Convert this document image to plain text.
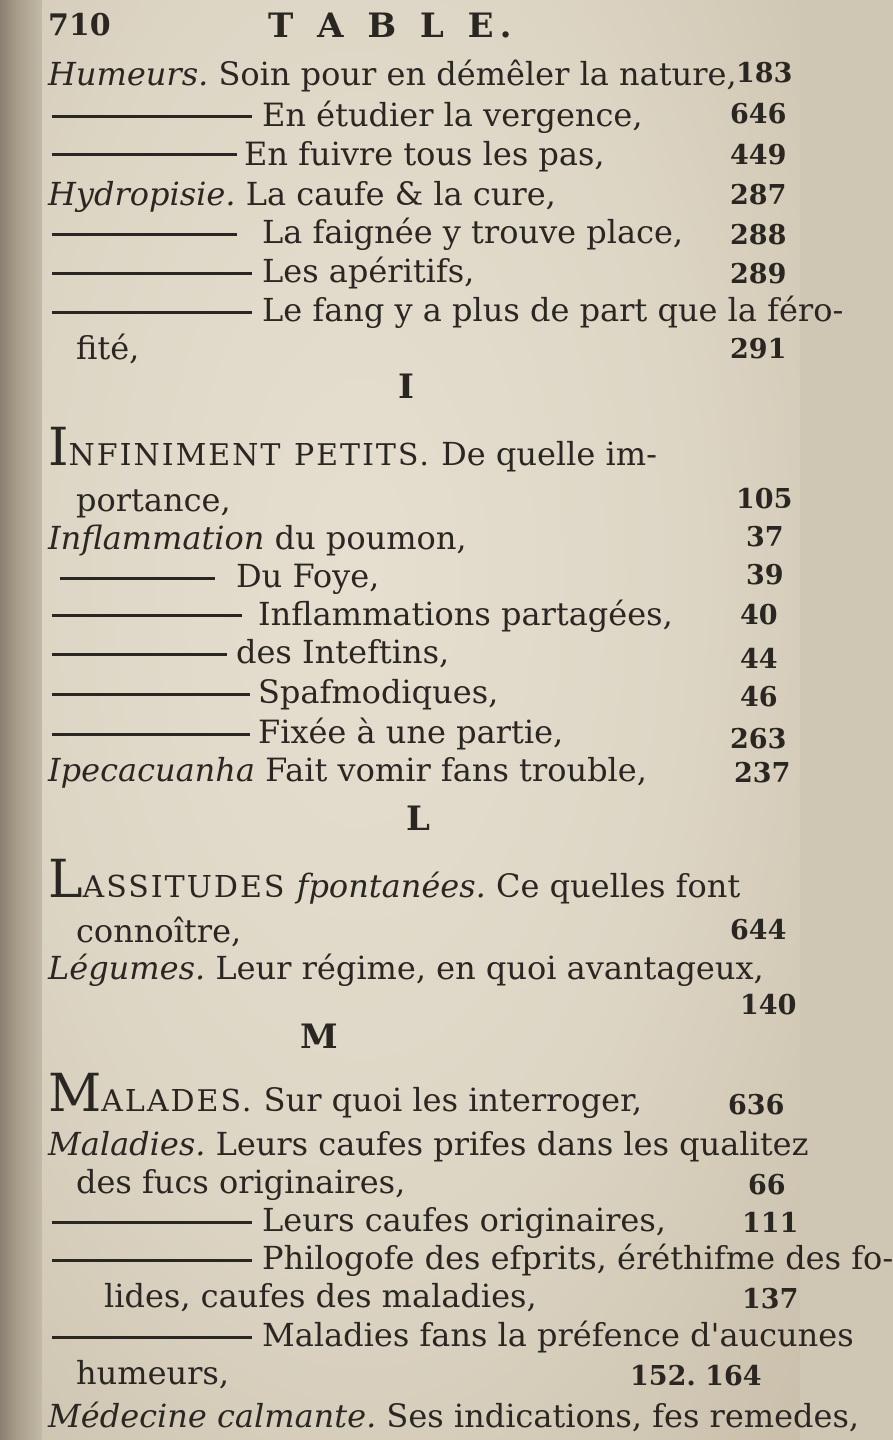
710	T A B L E.
Humeurs. Soin pour en démêler la nature, 183
En étudier la vergence,	646
En fuivre tous les pas,	449
Hydropisie. La caufe & la cure,	287
La faignée y trouve place, 288
Les apéritifs,	289
Le fang y a plus de part que la féro-
fité,	291
I
INFINIMENT PETITS. De quelle im-
portance,	105
Inflammation du poumon,	37
Du Foye,	39
Inflammations partagées, 40
des Inteftins,	44
Spafmodiques,	46
Fixée à une partie,	263
Ipecacuanha Fait vomir fans trouble,	237
L
LASSITUDES fpontanées. Ce quelles font
connoître,	644
Légumes. Leur régime, en quoi avantageux,
140
M
MALADES. Sur quoi les interroger,	636
Maladies. Leurs caufes prifes dans les qualitez
des fucs originaires,	66
Leurs caufes originaires,	111
Philogofe des efprits, éréthifme des fo-
lides, caufes des maladies,	137
Maladies fans la préfence d'aucunes
humeurs,	152. 164
Médecine calmante. Ses indications, fes remedes,
